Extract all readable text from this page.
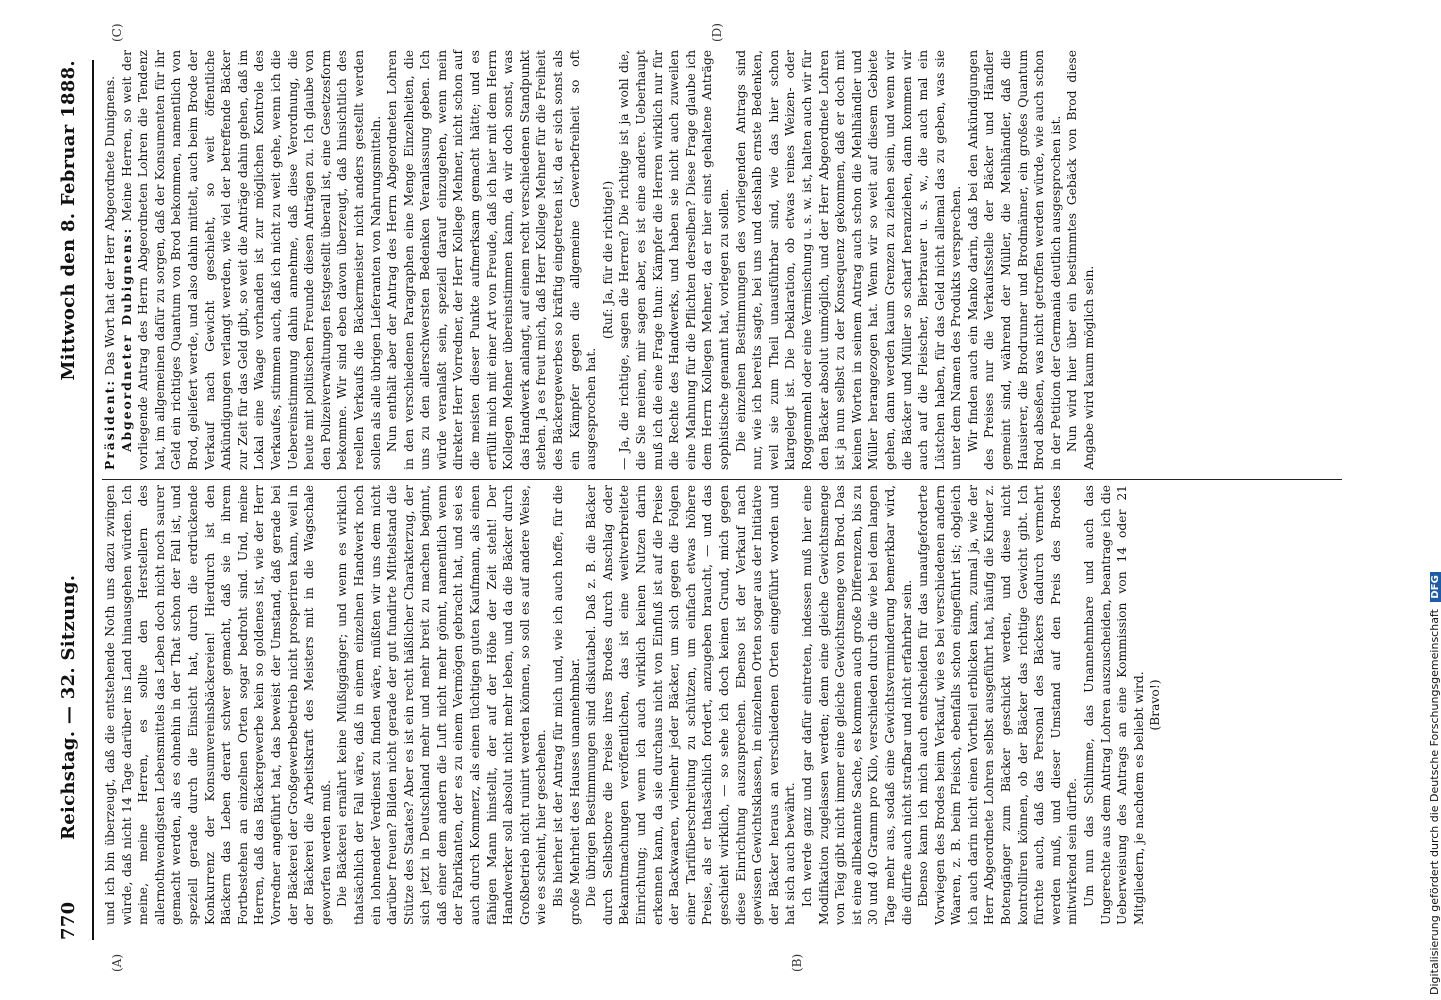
770
Reichstag. — 32. Sitzung.
Mittwoch den 8. Februar 1888.
(A)	(B)
(C)	(D)

und ich bin überzeugt, daß die entstehende Noth uns dazu zwingen würde, daß nicht 14 Tage darüber ins Land hinausgehen würden. Ich meine, meine Herren, es sollte den Herstellern des allernothwendigsten Lebensmittels das Leben doch nicht noch saurer gemacht werden, als es ohnehin in der That schon der Fall ist, und speziell gerade durch die Einsicht hat, durch die erdrückende Konkurrenz der Konsumvereinsbäckereien! Hierdurch ist den Bäckern das Leben derart schwer gemacht, daß sie in ihrem Fortbestehen an einzelnen Orten sogar bedroht sind. Und, meine Herren, daß das Bäckergewerbe kein so goldenes ist, wie der Herr Vorredner angeführt hat, das beweist der Umstand, daß gerade bei der Bäckerei der Großgewerbebetrieb nicht prosperiren kann, weil in der Bäckerei die Arbeitskraft des Meisters mit in die Wagschale geworfen werden muß. Die Bäckerei ernährt keine Müßiggänger; und wenn es wirklich thatsächlich der Fall wäre, daß in einem einzelnen Handwerk noch ein lohnender Verdienst zu finden wäre, müßten wir uns dem nicht darüber freuen? Bilden nicht gerade der gut fundirte Mittelstand die Stütze des Staates? Aber es ist ein recht häßlicher Charakterzug, der sich jetzt in Deutschland mehr und mehr breit zu machen beginnt, daß einer dem andern die Luft nicht mehr gönnt, namentlich wenn der Fabrikanten, der es zu einem Vermögen gebracht hat, und sei es auch durch Kommerz, als einen tüchtigen guten Kaufmann, als einen fähigen Mann hinstellt, der auf der Höhe der Zeit steht! Der Handwerker soll absolut nicht mehr leben, und da die Bäcker durch Großbetrieb nicht ruinirt werden können, so soll es auf andere Weise, wie es scheint, hier geschehen. Bis hierher ist der Antrag für mich und, wie ich auch hoffe, für die große Mehrheit des Hauses unannehmbar. Die übrigen Bestimmungen sind diskutabel. Daß z. B. die Bäcker durch Selbstbore die Preise ihres Brodes durch Anschlag oder Bekanntmachungen veröffentlichen, das ist eine weitverbreitete Einrichtung; und wenn ich auch wirklich keinen Nutzen darin erkennen kann, da sie durchaus nicht von Einfluß ist auf die Preise der Backwaaren, vielmehr jeder Bäcker, um sich gegen die Folgen einer Tarifüberschreitung zu schützen, um einfach etwas höhere Preise, als er thatsächlich fordert, anzugeben braucht, — und das geschieht wirklich, — so sehe ich doch keinen Grund, mich gegen diese Einrichtung auszusprechen. Ebenso ist der Verkauf nach gewissen Gewichtsklassen, in einzelnen Orten sogar aus der Initiative der Bäcker heraus an verschiedenen Orten eingeführt worden und hat sich auch bewährt. Ich werde ganz und gar dafür eintreten, indessen muß hier eine Modifikation zugelassen werden; denn eine gleiche Gewichtsmenge von Teig gibt nicht immer eine gleiche Gewichtsmenge von Brod. Das ist eine allbekannte Sache, es kommen auch große Differenzen, bis zu 30 und 40 Gramm pro Kilo, verschieden durch die wie bei dem langen Tage mehr aus, sodaß eine Gewichtsverminderung bemerkbar wird, die dürfte auch nicht strafbar und nicht erfahrbar sein. Ebenso kann ich mich auch entscheiden für das unaufgeforderte Vorwiegen des Brodes beim Verkauf, wie es bei verschiedenen andern Waaren, z. B. beim Fleisch, ebenfalls schon eingeführt ist; obgleich ich auch darin nicht einen Vortheil erblicken kann, zumal ja, wie der Herr Abgeordnete Lohren selbst ausgeführt hat, häufig die Kinder z. Botengänger zum Bäcker geschickt werden, und diese nicht kontrolliren können, ob der Bäcker das richtige Gewicht gibt. Ich fürchte auch, daß das Personal des Bäckers dadurch vermehrt werden muß, und dieser Umstand auf den Preis des Brodes mitwirkend sein dürfte. Um nun das Schlimme, das Unannehmbare und auch das Ungerechte aus dem Antrag Lohren auszuscheiden, beantrage ich die Ueberweisung des Antrags an eine Kommission von 14 oder 21 Mitgliedern, je nachdem es beliebt wird. (Bravo!)

Präsident: Das Wort hat der Herr Abgeordnete Dunignens. Abgeordneter Dubignens: Meine Herren, so weit der vorliegende Antrag des Herrn Abgeordneten Lohren die Tendenz hat, im allgemeinen dafür zu sorgen, daß der Konsumenten für ihr Geld ein richtiges Quantum von Brod bekommen, namentlich von Brod, geliefert werde, und also dahin mittelt, auch beim Brode der Verkauf nach Gewicht geschieht, so weit öffentliche Ankündigungen verlangt werden, wie viel der betreffende Bäcker zur Zeit für das Geld gibt, so weit die Anträge dahin gehen, daß im Lokal eine Waage vorhanden ist zur möglichen Kontrole des Verkaufes, stimmen auch, daß ich nicht zu weit gehe, wenn ich die Uebereinstimmung dahin annehme, daß diese Verordnung, die heute mit politischen Freunde diesen Anträgen zu. Ich glaube von den Polizeiverwaltungen festgestellt überall ist, eine Gesetzesform bekomme. Wir sind eben davon überzeugt, daß hinsichtlich des reellen Verkaufs die Bäckermeister nicht anders gestellt werden sollen als alle übrigen Lieferanten von Nahrungsmitteln. Nun enthält aber der Antrag des Herrn Abgeordneten Lohren in den verschiedenen Paragraphen eine Menge Einzelheiten, die uns zu den allerschwersten Bedenken Veranlassung geben. Ich würde veranlaßt sein, speziell darauf einzugehen, wenn mein direkter Herr Vorredner, der Herr Kollege Mehner, nicht schon auf die meisten dieser Punkte aufmerksam gemacht hätte; und es erfüllt mich mit einer Art von Freude, daß ich hier mit dem Herrn Kollegen Mehner übereinstimmen kann, da wir doch sonst, was das Handwerk anlangt, auf einem recht verschiedenen Standpunkt stehen. Ja es freut mich, daß Herr Kollege Mehner für die Freiheit des Bäckergewerbes so kräftig eingetreten ist, da er sich sonst als ein Kämpfer gegen die allgemeine Gewerbefreiheit so oft ausgesprochen hat.

(Ruf: Ja, für die richtige!) — Ja, die richtige, sagen die Herren? Die richtige ist ja wohl die, die Sie meinen, mir sagen aber, es ist eine andere. Ueberhaupt muß ich die eine Frage thun: Kämpfer die Herren wirklich nur für die Rechte des Handwerks, und haben sie nicht auch zuweilen eine Mahnung für die Pflichten derselben? Diese Frage glaube ich dem Herrn Kollegen Mehner, da er hier einst gehaltene Anträge sophistische genannt hat, vorlegen zu sollen. Die einzelnen Bestimmungen des vorliegenden Antrags sind nur, wie ich bereits sagte, bei uns und deshalb ernste Bedenken, weil sie zum Theil unausführbar sind, wie das hier schon klargelegt ist. Die Deklaration, ob etwas reines Weizen- oder Roggenmehl oder eine Vermischung u. s. w. ist, halten auch wir für den Bäcker absolut unmöglich, und der Herr Abgeordnete Lohren ist ja nun selbst zu der Konsequenz gekommen, daß er doch mit keinen Worten in seinem Antrag auch schon die Mehlhändler und Müller herangezogen hat. Wenn wir so weit auf diesem Gebiete gehen, dann werden kaum Grenzen zu ziehen sein, und wenn wir die Bäcker und Müller so scharf heranziehen, dann kommen wir auch auf die Fleischer, Bierbrauer u. s. w., die auch mal ein Lüstchen haben, für das Geld nicht allemal das zu geben, was sie unter dem Namen des Produkts versprechen. Wir finden auch ein Manko darin, daß bei den Ankündigungen des Preises nur die Verkaufsstelle der Bäcker und Händler gemeint sind, während der Müller, die Mehlhändler, daß die Hausierer, die Brodrunner und Brodmänner, ein großes Quantum Brod abseßen, was nicht getroffen werden würde, wie auch schon in der Petition der Germania deutlich ausgesprochen ist. Nun wird hier über ein bestimmtes Gebäck von Brod diese Angabe wird kaum möglich sein.

Digitalisierung gefördert durch die Deutsche Forschungsgemeinschaft DFG
